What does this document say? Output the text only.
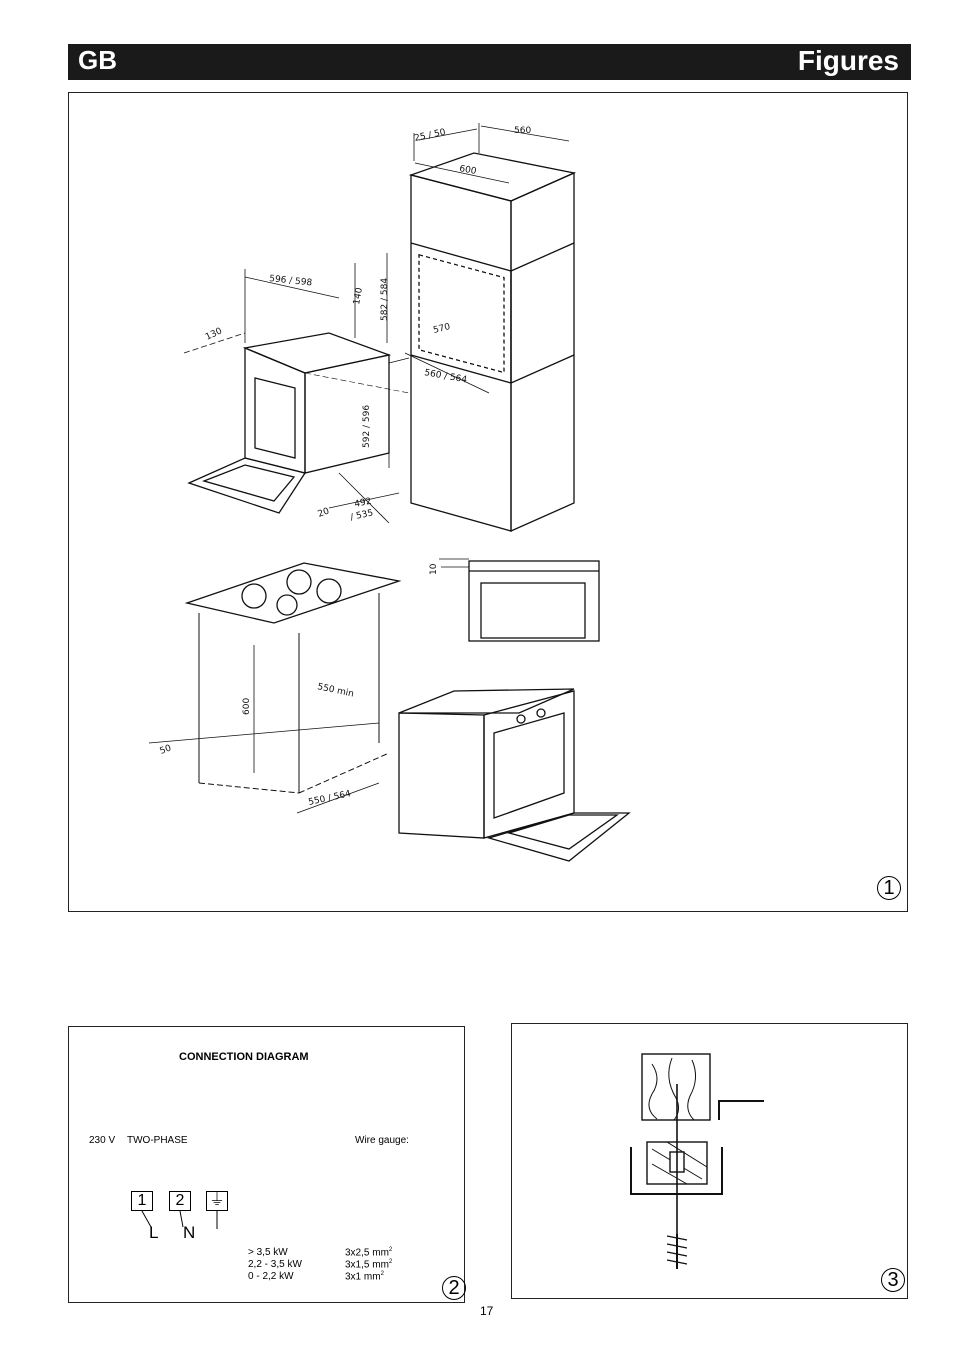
GB	Figures
25 / 50	560
600
596 / 598
140 582 / 584
570
130
560 / 564
592 / 596
20
492
/ 535
10
550 min
600
50
550 / 564
1
CONNECTION DIAGRAM
230 V TWO-PHASE	Wire gauge:
1	2	⏚
L N
> 3,5 kW	3x2,5 $mm^2$
2,2 - 3,5 kW	3x1,5 $mm^2$
0 - 2,2 kW	3x1 $mm^2$
2	3
17
